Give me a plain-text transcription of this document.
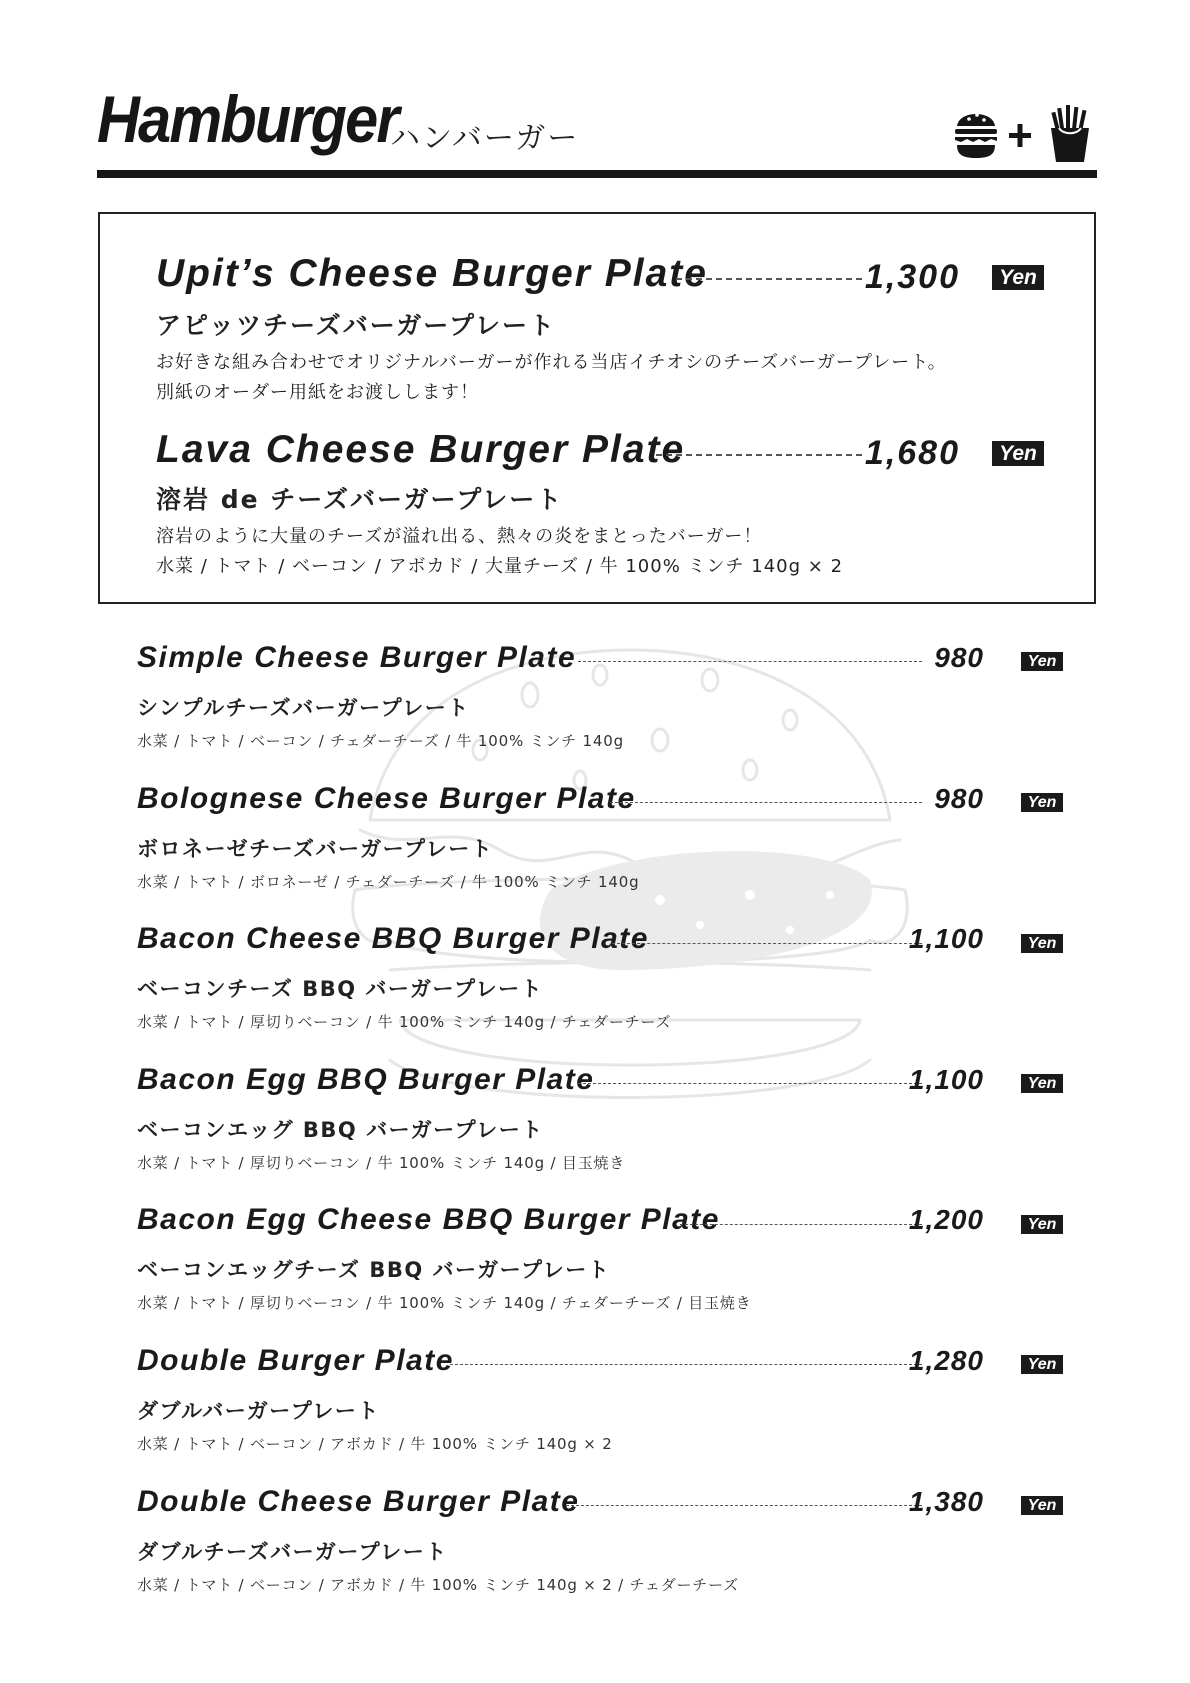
Hamburger
ハンバーガー
Upit’s Cheese Burger Plate	1,300	Yen
アピッツチーズバーガープレート
お好きな組み合わせでオリジナルバーガーが作れる当店イチオシのチーズバーガープレート。
別紙のオーダー用紙をお渡しします！
Lava Cheese Burger Plate	1,680	Yen
溶岩 de チーズバーガープレート
溶岩のように大量のチーズが溢れ出る、熱々の炎をまとったバーガー！
水菜 / トマト / ベーコン / アボカド / 大量チーズ / 牛 100% ミンチ 140g × 2
Simple Cheese Burger Plate	980	Yen
シンプルチーズバーガープレート
水菜 / トマト / ベーコン / チェダーチーズ / 牛 100% ミンチ 140g
Bolognese Cheese Burger Plate	980	Yen
ボロネーゼチーズバーガープレート
水菜 / トマト / ボロネーゼ / チェダーチーズ / 牛 100% ミンチ 140g
Bacon Cheese BBQ Burger Plate	1,100	Yen
ベーコンチーズ BBQ バーガープレート
水菜 / トマト / 厚切りベーコン / 牛 100% ミンチ 140g / チェダーチーズ
Bacon Egg BBQ Burger Plate	1,100	Yen
ベーコンエッグ BBQ バーガープレート
水菜 / トマト / 厚切りベーコン / 牛 100% ミンチ 140g / 目玉焼き
Bacon Egg Cheese BBQ Burger Plate	1,200	Yen
ベーコンエッグチーズ BBQ バーガープレート
水菜 / トマト / 厚切りベーコン / 牛 100% ミンチ 140g / チェダーチーズ / 目玉焼き
Double Burger Plate	1,280	Yen
ダブルバーガープレート
水菜 / トマト / ベーコン / アボカド / 牛 100% ミンチ 140g × 2
Double Cheese Burger Plate	1,380	Yen
ダブルチーズバーガープレート
水菜 / トマト / ベーコン / アボカド / 牛 100% ミンチ 140g × 2 / チェダーチーズ
